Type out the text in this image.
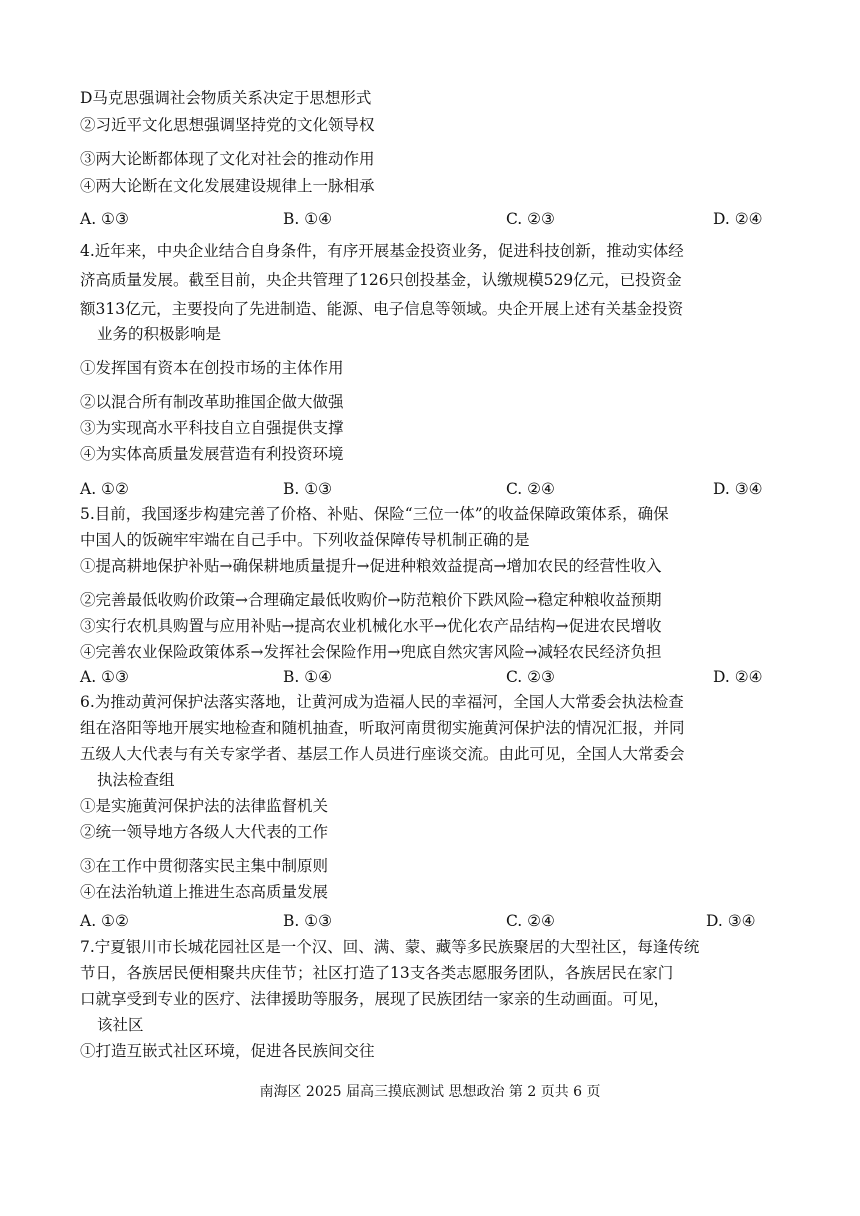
D马克思强调社会物质关系决定于思想形式
②习近平文化思想强调坚持党的文化领导权
③两大论断都体现了文化对社会的推动作用
④两大论断在文化发展建设规律上一脉相承
A. ①③	B. ①④	C. ②③	D. ②④
4.近年来，中央企业结合自身条件，有序开展基金投资业务，促进科技创新，推动实体经
济高质量发展。截至目前，央企共管理了126只创投基金，认缴规模529亿元，已投资金
额313亿元，主要投向了先进制造、能源、电子信息等领域。央企开展上述有关基金投资
业务的积极影响是
①发挥国有资本在创投市场的主体作用
②以混合所有制改革助推国企做大做强
③为实现高水平科技自立自强提供支撑
④为实体高质量发展营造有利投资环境
A. ①②	B. ①③	C. ②④	D. ③④
5.目前，我国逐步构建完善了价格、补贴、保险“三位一体”的收益保障政策体系，确保
中国人的饭碗牢牢端在自己手中。下列收益保障传导机制正确的是
①提高耕地保护补贴→确保耕地质量提升→促进种粮效益提高→增加农民的经营性收入
②完善最低收购价政策→合理确定最低收购价→防范粮价下跌风险→稳定种粮收益预期
③实行农机具购置与应用补贴→提高农业机械化水平→优化农产品结构→促进农民增收
④完善农业保险政策体系→发挥社会保险作用→兜底自然灾害风险→减轻农民经济负担
A. ①③	B. ①④	C. ②③	D. ②④
6.为推动黄河保护法落实落地，让黄河成为造福人民的幸福河，全国人大常委会执法检查
组在洛阳等地开展实地检查和随机抽查，听取河南贯彻实施黄河保护法的情况汇报，并同
五级人大代表与有关专家学者、基层工作人员进行座谈交流。由此可见，全国人大常委会
执法检查组
①是实施黄河保护法的法律监督机关
②统一领导地方各级人大代表的工作
③在工作中贯彻落实民主集中制原则
④在法治轨道上推进生态高质量发展
A. ①②	B. ①③	C. ②④	D. ③④
7.宁夏银川市长城花园社区是一个汉、回、满、蒙、藏等多民族聚居的大型社区，每逢传统
节日，各族居民便相聚共庆佳节；社区打造了13支各类志愿服务团队，各族居民在家门
口就享受到专业的医疗、法律援助等服务，展现了民族团结一家亲的生动画面。可见，
该社区
①打造互嵌式社区环境，促进各民族间交往
南海区 2025 届高三摸底测试 思想政治 第 2 页共 6 页
